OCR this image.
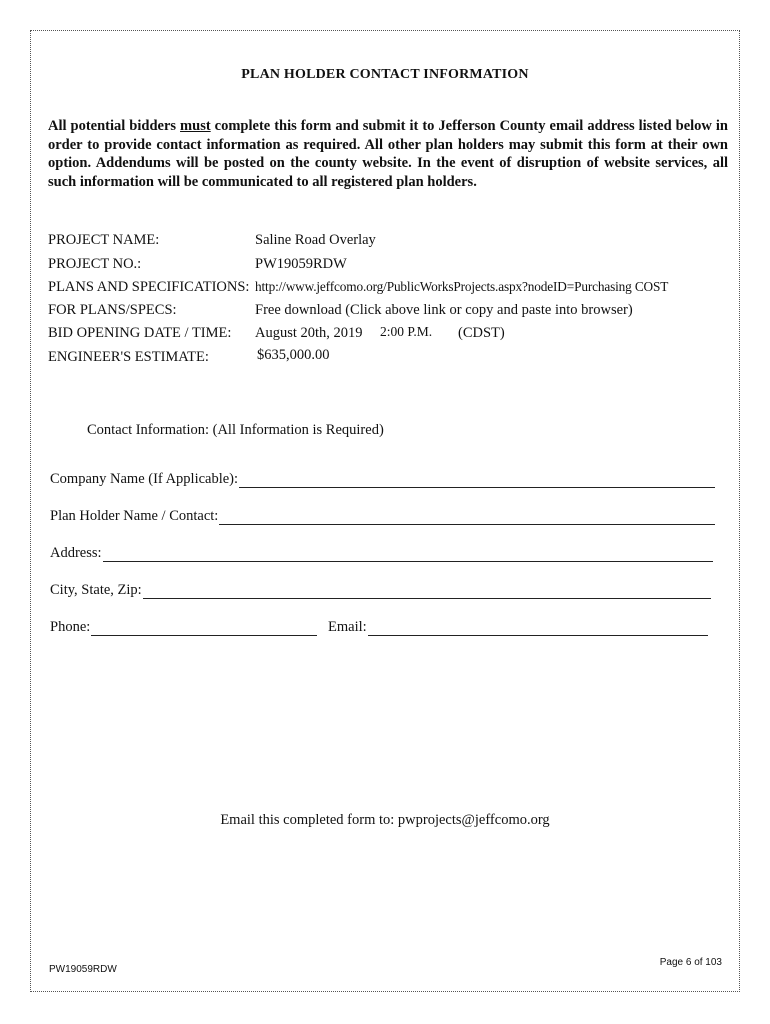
PLAN HOLDER CONTACT INFORMATION
All potential bidders must complete this form and submit it to Jefferson County email address listed below in order to provide contact information as required. All other plan holders may submit this form at their own option. Addendums will be posted on the county website. In the event of disruption of website services, all such information will be communicated to all registered plan holders.
PROJECT NAME:	Saline Road Overlay
PROJECT NO.:	PW19059RDW
PLANS AND SPECIFICATIONS: http://www.jeffcomo.org/PublicWorksProjects.aspx?nodeID=Purchasing COST
FOR PLANS/SPECS:	Free download (Click above link or copy and paste into browser)
BID OPENING DATE / TIME: August 20th, 2019 2:00 P.M. (CDST)
ENGINEER'S ESTIMATE:	$635,000.00
Contact Information: (All Information is Required)
Company Name (If Applicable):
Plan Holder Name / Contact:
Address:
City, State, Zip:
Phone:	Email:
Email this completed form to: pwprojects@jeffcomo.org
PW19059RDW
Page 6 of 103
